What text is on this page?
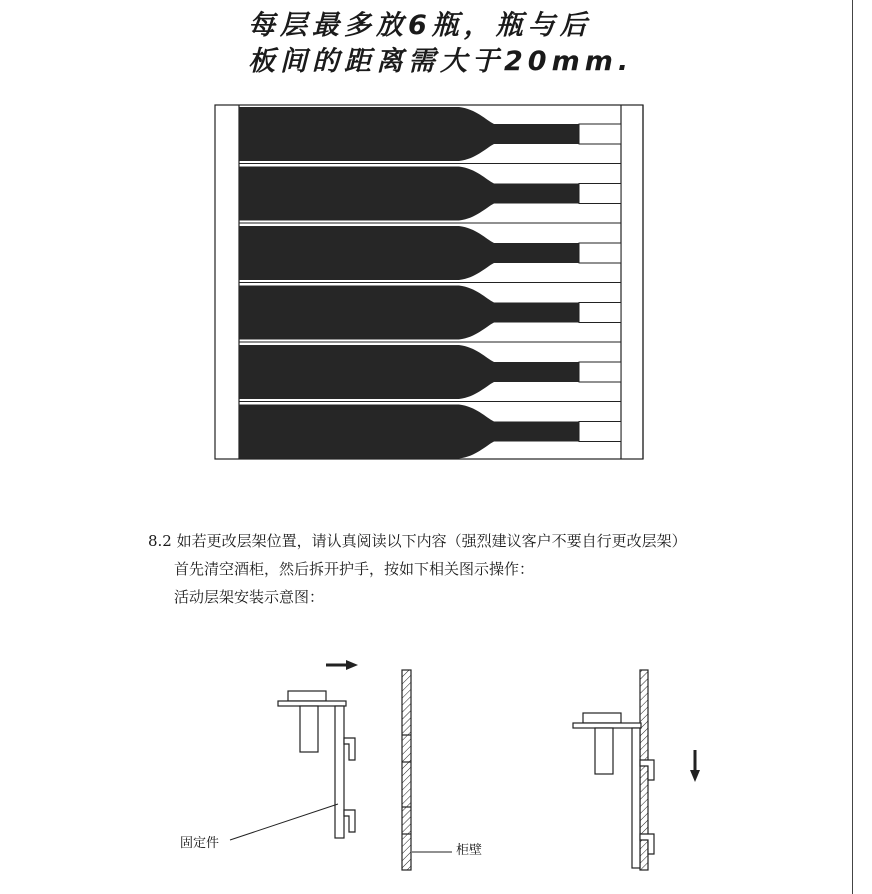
每层最多放6瓶，瓶与后
板间的距离需大于20mm.

8.2 如若更改层架位置，请认真阅读以下内容（强烈建议客户不要自行更改层架）
首先清空酒柜，然后拆开护手，按如下相关图示操作：
活动层架安装示意图：

固定件	柜壁
